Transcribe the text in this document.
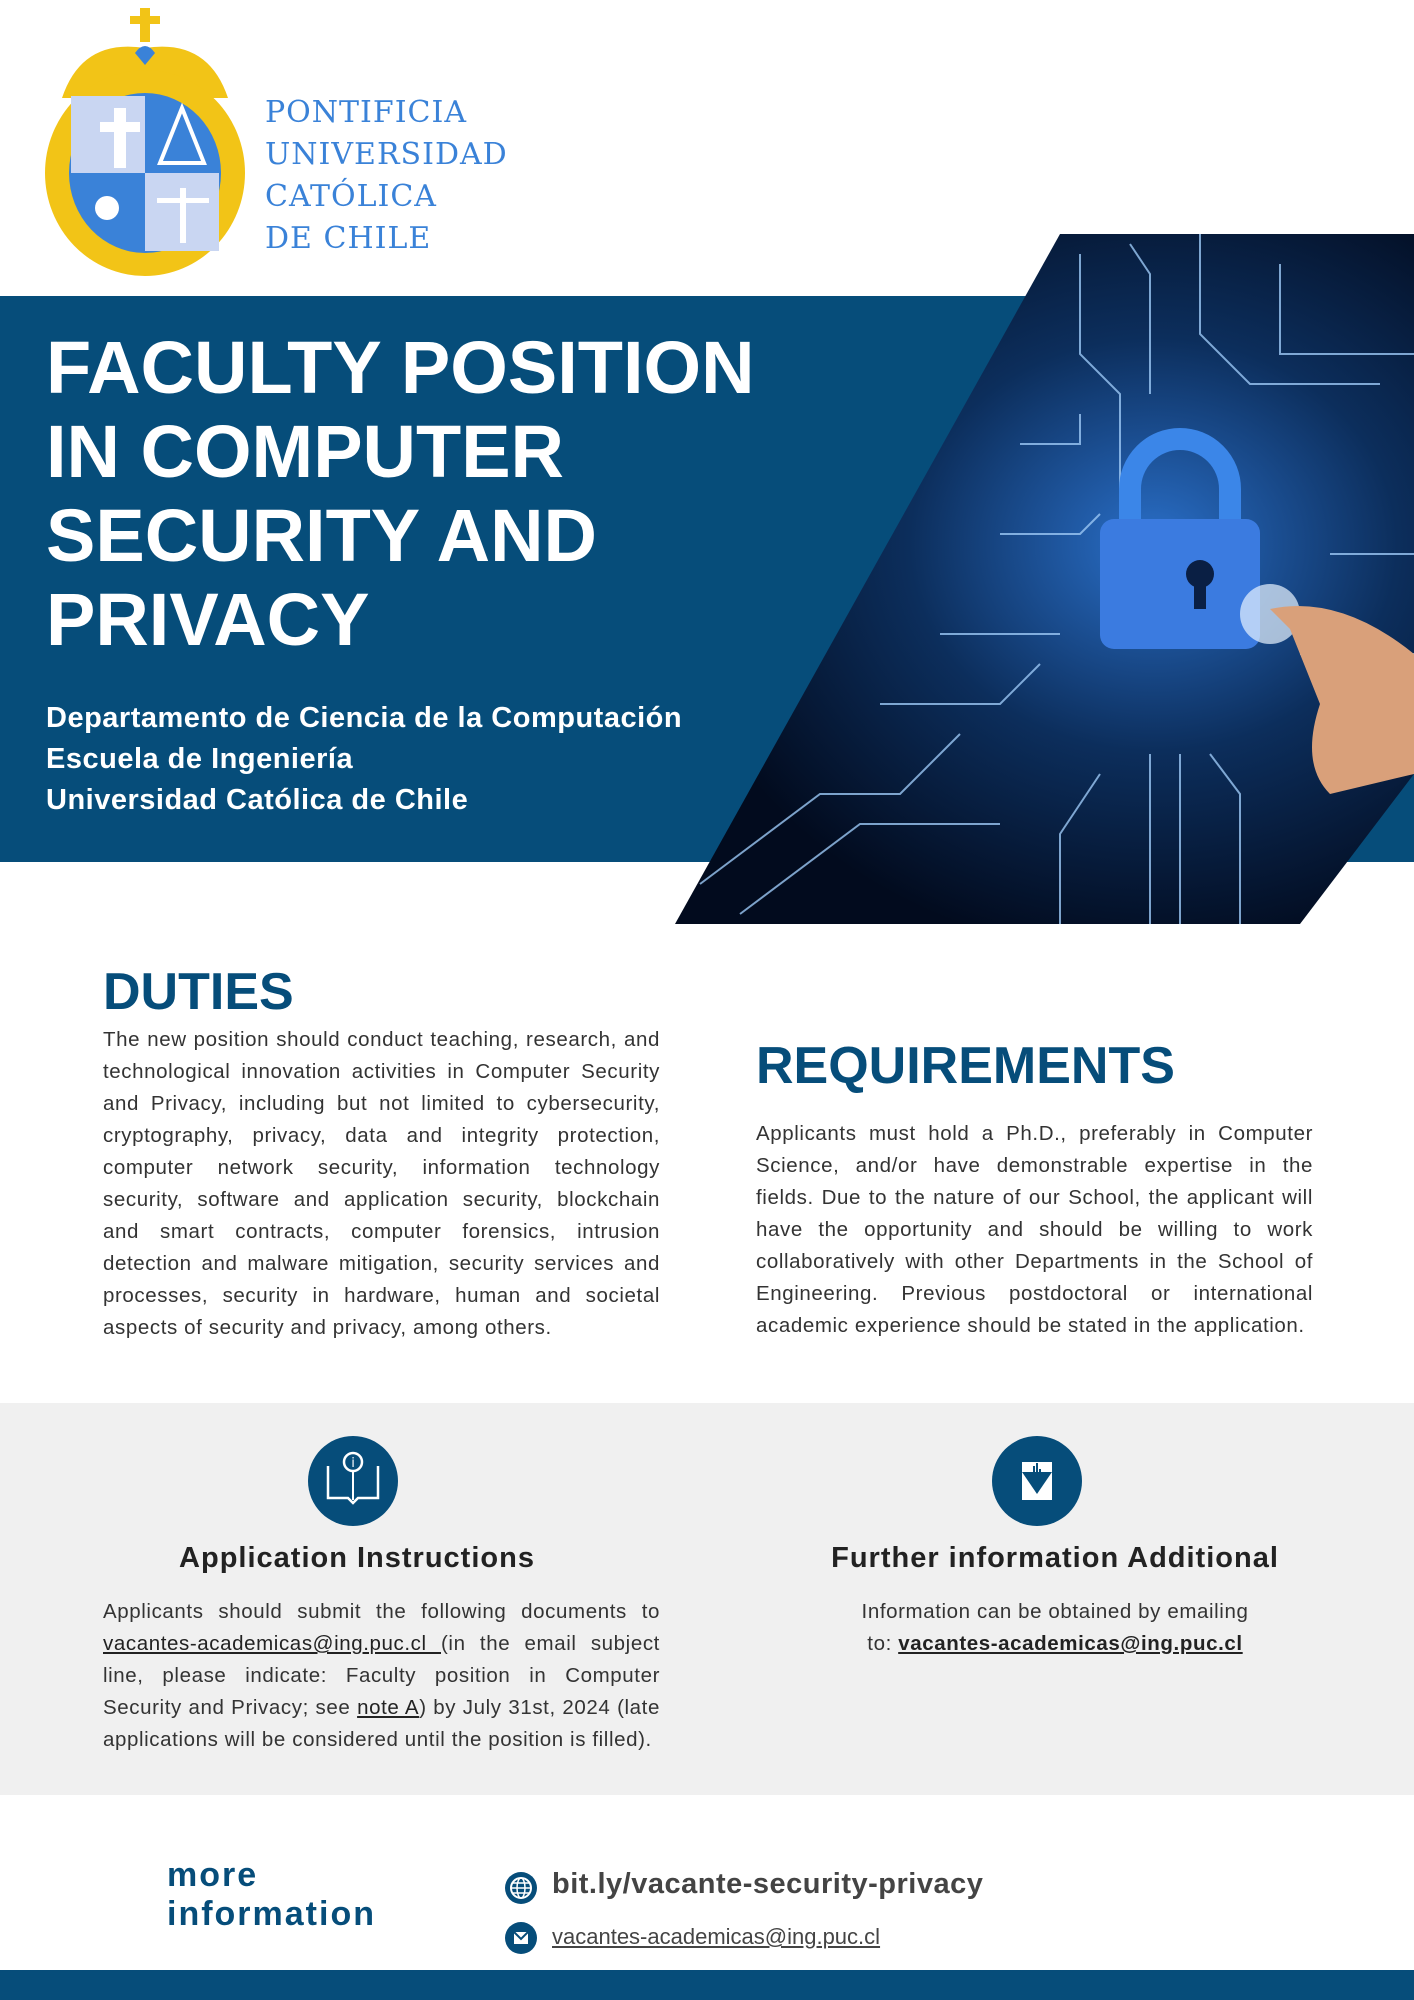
PONTIFICIA
UNIVERSIDAD
CATÓLICA
DE CHILE
FACULTY POSITION
IN COMPUTER
SECURITY AND
PRIVACY
Departamento de Ciencia de la Computación
Escuela de Ingeniería
Universidad Católica de Chile
DUTIES
The new position should conduct teaching, research, and technological innovation activities in Computer Security and Privacy, including but not limited to cybersecurity, cryptography, privacy, data and integrity protection, computer network security, information technology security, software and application security, blockchain and smart contracts, computer forensics, intrusion detection and malware mitigation, security services and processes, security in hardware, human and societal aspects of security and privacy, among others.
REQUIREMENTS
Applicants must hold a Ph.D., preferably in Computer Science, and/or have demonstrable expertise in the fields. Due to the nature of our School, the applicant will have the opportunity and should be willing to work collaboratively with other Departments in the School of Engineering. Previous postdoctoral or international academic experience should be stated in the application.
i
Application Instructions	Further information Additional
Applicants should submit the following documents to vacantes-academicas@ing.puc.cl (in the email subject line, please indicate: Faculty position in Computer Security and Privacy; see note A) by July 31st, 2024 (late applications will be considered until the position is filled).
Information can be obtained by emailing
to: vacantes-academicas@ing.puc.cl
more
information
bit.ly/vacante-security-privacy
vacantes-academicas@ing.puc.cl
